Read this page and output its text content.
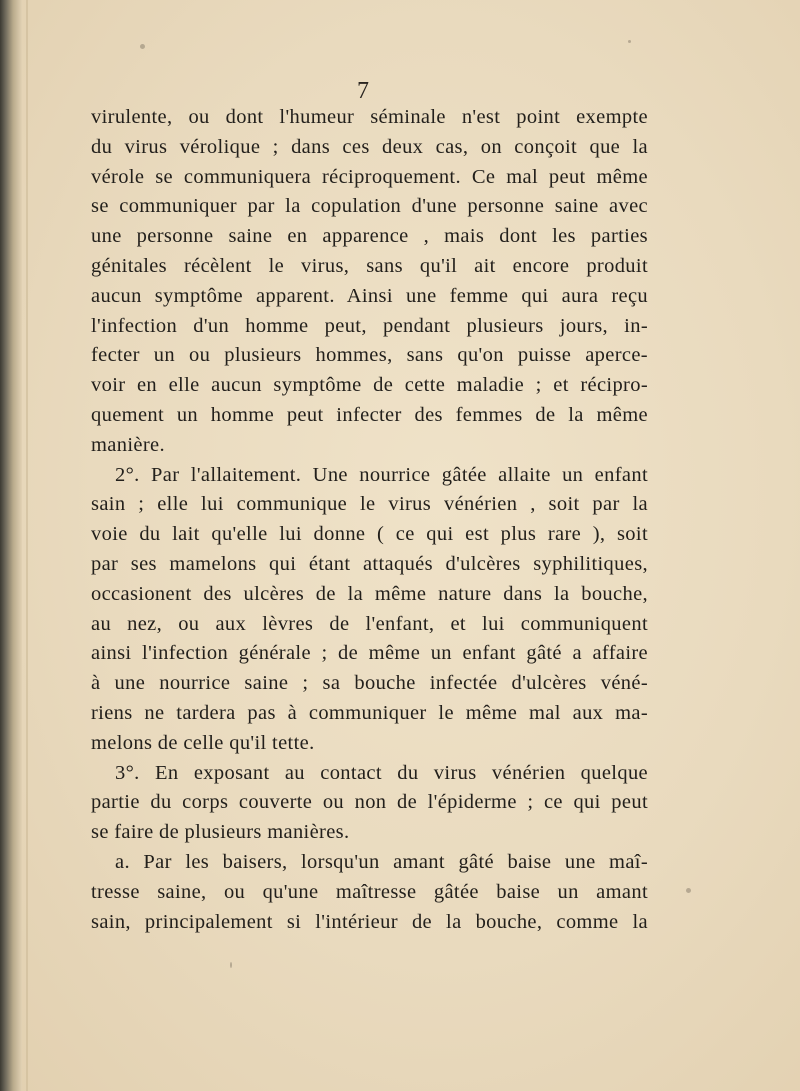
7
virulente, ou dont l'humeur séminale n'est point exempte
du virus vérolique ; dans ces deux cas, on conçoit que la
vérole se communiquera réciproquement. Ce mal peut même
se communiquer par la copulation d'une personne saine avec
une personne saine en apparence , mais dont les parties
génitales récèlent le virus, sans qu'il ait encore produit
aucun symptôme apparent. Ainsi une femme qui aura reçu
l'infection d'un homme peut, pendant plusieurs jours, in-
fecter un ou plusieurs hommes, sans qu'on puisse aperce-
voir en elle aucun symptôme de cette maladie ; et récipro-
quement un homme peut infecter des femmes de la même
manière.
2°. Par l'allaitement. Une nourrice gâtée allaite un enfant
sain ; elle lui communique le virus vénérien , soit par la
voie du lait qu'elle lui donne ( ce qui est plus rare ), soit
par ses mamelons qui étant attaqués d'ulcères syphilitiques,
occasionent des ulcères de la même nature dans la bouche,
au nez, ou aux lèvres de l'enfant, et lui communiquent
ainsi l'infection générale ; de même un enfant gâté a affaire
à une nourrice saine ; sa bouche infectée d'ulcères véné-
riens ne tardera pas à communiquer le même mal aux ma-
melons de celle qu'il tette.
3°. En exposant au contact du virus vénérien quelque
partie du corps couverte ou non de l'épiderme ; ce qui peut
se faire de plusieurs manières.
a. Par les baisers, lorsqu'un amant gâté baise une maî-
tresse saine, ou qu'une maîtresse gâtée baise un amant
sain, principalement si l'intérieur de la bouche, comme la
